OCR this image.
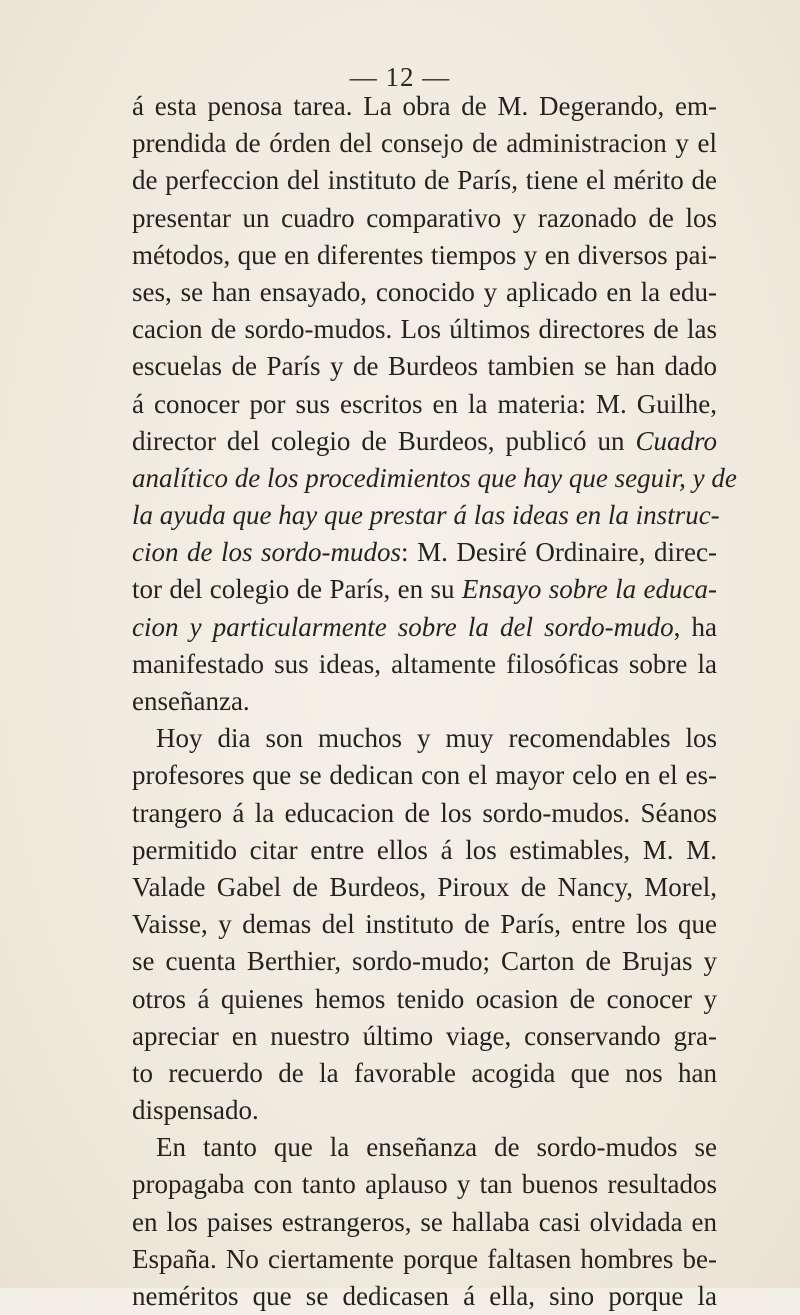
— 12 —
á esta penosa tarea. La obra de M. Degerando, em-
prendida de órden del consejo de administracion y el
de perfeccion del instituto de París, tiene el mérito de
presentar un cuadro comparativo y razonado de los
métodos, que en diferentes tiempos y en diversos pai-
ses, se han ensayado, conocido y aplicado en la edu-
cacion de sordo-mudos. Los últimos directores de las
escuelas de París y de Burdeos tambien se han dado
á conocer por sus escritos en la materia: M. Guilhe,
director del colegio de Burdeos, publicó un Cuadro
analítico de los procedimientos que hay que seguir, y de
la ayuda que hay que prestar á las ideas en la instruc-
cion de los sordo-mudos: M. Desiré Ordinaire, direc-
tor del colegio de París, en su Ensayo sobre la educa-
cion y particularmente sobre la del sordo-mudo, ha
manifestado sus ideas, altamente filosóficas sobre la
enseñanza.
Hoy dia son muchos y muy recomendables los
profesores que se dedican con el mayor celo en el es-
trangero á la educacion de los sordo-mudos. Séanos
permitido citar entre ellos á los estimables, M. M.
Valade Gabel de Burdeos, Piroux de Nancy, Morel,
Vaisse, y demas del instituto de París, entre los que
se cuenta Berthier, sordo-mudo; Carton de Brujas y
otros á quienes hemos tenido ocasion de conocer y
apreciar en nuestro último viage, conservando gra-
to recuerdo de la favorable acogida que nos han
dispensado.
En tanto que la enseñanza de sordo-mudos se
propagaba con tanto aplauso y tan buenos resultados
en los paises estrangeros, se hallaba casi olvidada en
España. No ciertamente porque faltasen hombres be-
neméritos que se dedicasen á ella, sino porque la
